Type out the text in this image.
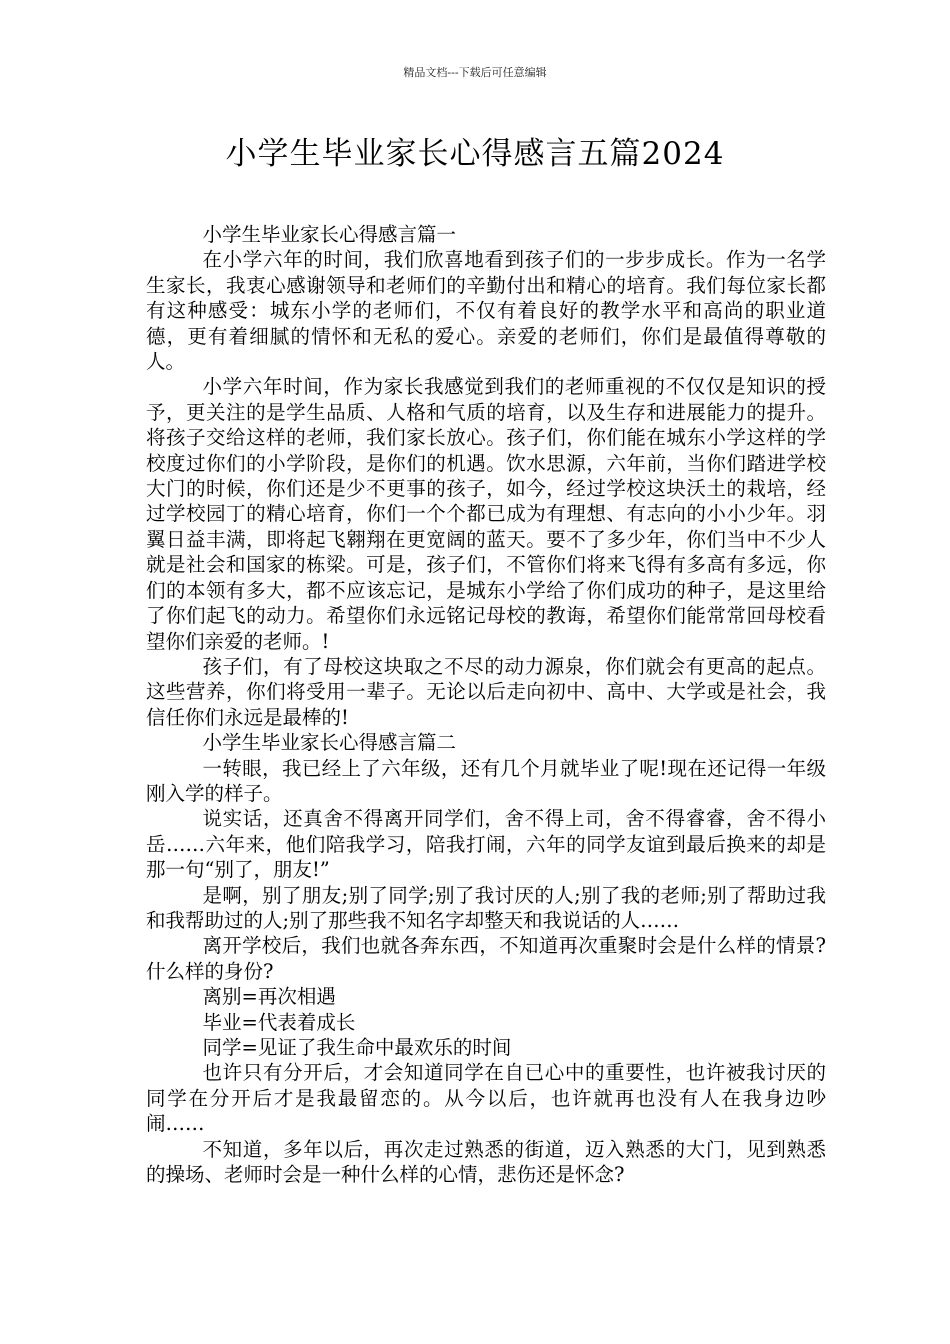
精品文档---下载后可任意编辑
小学生毕业家长心得感言五篇2024

小学生毕业家长心得感言篇一

在小学六年的时间，我们欣喜地看到孩子们的一步步成长。作为一名学生家长，我衷心感谢领导和老师们的辛勤付出和精心的培育。我们每位家长都有这种感受：城东小学的老师们，不仅有着良好的教学水平和高尚的职业道德，更有着细腻的情怀和无私的爱心。亲爱的老师们，你们是最值得尊敬的人。

小学六年时间，作为家长我感觉到我们的老师重视的不仅仅是知识的授予，更关注的是学生品质、人格和气质的培育，以及生存和进展能力的提升。将孩子交给这样的老师，我们家长放心。孩子们，你们能在城东小学这样的学校度过你们的小学阶段，是你们的机遇。饮水思源，六年前，当你们踏进学校大门的时候，你们还是少不更事的孩子，如今，经过学校这块沃土的栽培，经过学校园丁的精心培育，你们一个个都已成为有理想、有志向的小小少年。羽翼日益丰满，即将起飞翱翔在更宽阔的蓝天。要不了多少年，你们当中不少人就是社会和国家的栋梁。可是，孩子们，不管你们将来飞得有多高有多远，你们的本领有多大，都不应该忘记，是城东小学给了你们成功的种子，是这里给了你们起飞的动力。希望你们永远铭记母校的教诲，希望你们能常常回母校看望你们亲爱的老师。!

孩子们，有了母校这块取之不尽的动力源泉，你们就会有更高的起点。这些营养，你们将受用一辈子。无论以后走向初中、高中、大学或是社会，我信任你们永远是最棒的!

小学生毕业家长心得感言篇二

一转眼，我已经上了六年级，还有几个月就毕业了呢!现在还记得一年级刚入学的样子。

说实话，还真舍不得离开同学们，舍不得上司，舍不得睿睿，舍不得小岳……六年来，他们陪我学习，陪我打闹，六年的同学友谊到最后换来的却是那一句“别了，朋友!”

是啊，别了朋友;别了同学;别了我讨厌的人;别了我的老师;别了帮助过我和我帮助过的人;别了那些我不知名字却整天和我说话的人……

离开学校后，我们也就各奔东西，不知道再次重聚时会是什么样的情景?什么样的身份?

离别=再次相遇

毕业=代表着成长

同学=见证了我生命中最欢乐的时间

也许只有分开后，才会知道同学在自已心中的重要性，也许被我讨厌的同学在分开后才是我最留恋的。从今以后，也许就再也没有人在我身边吵闹……

不知道，多年以后，再次走过熟悉的街道，迈入熟悉的大门，见到熟悉的操场、老师时会是一种什么样的心情，悲伤还是怀念?
